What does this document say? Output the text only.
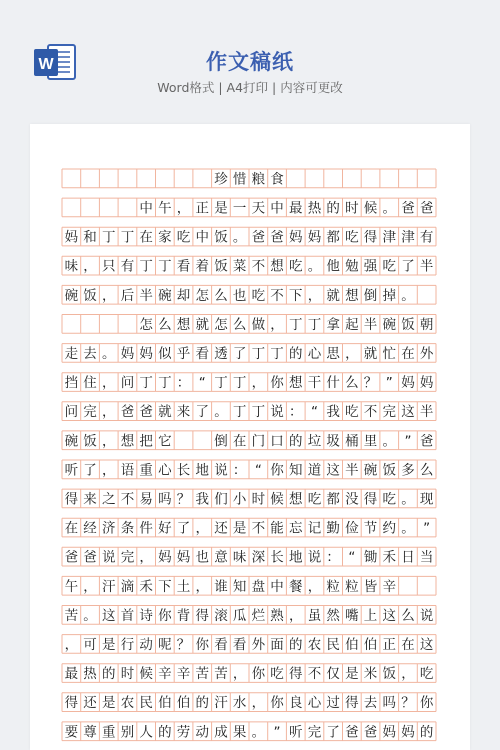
W	作文稿纸
Word格式 | A4打印 | 内容可更改
珍 惜 粮 食
中 午 ， 正 是 一 天 中 最 热 的 时 候 。 爸 爸
妈 和 丁 丁 在 家 吃 中 饭 。 爸 爸 妈 妈 都 吃 得 津 津 有
味 ， 只 有 丁 丁 看 着 饭 菜 不 想 吃 。 他 勉 强 吃 了 半
碗 饭 ， 后 半 碗 却 怎 么 也 吃 不 下 ， 就 想 倒 掉 。
怎 么 想 就 怎 么 做 ， 丁 丁 拿 起 半 碗 饭 朝
走 去 。 妈 妈 似 乎 看 透 了 丁 丁 的 心 思 ， 就 忙 在 外
挡 住 ， 问 丁 丁 ： “ 丁 丁 ， 你 想 干 什 么 ？ ” 妈 妈
问 完 ， 爸 爸 就 来 了 。 丁 丁 说 ： “ 我 吃 不 完 这 半
碗 饭 ， 想 把 它	倒 在 门 口 的 垃 圾 桶 里 。 ” 爸
听 了 ， 语 重 心 长 地 说 ： “ 你 知 道 这 半 碗 饭 多 么
得 来 之 不 易 吗 ？ 我 们 小 时 候 想 吃 都 没 得 吃 。 现
在 经 济 条 件 好 了 ， 还 是 不 能 忘 记 勤 俭 节 约 。 ”
爸 爸 说 完 ， 妈 妈 也 意 味 深 长 地 说 ： “ 锄 禾 日 当
午 ， 汗 滴 禾 下 土 ， 谁 知 盘 中 餐 ， 粒 粒 皆 辛
苦 。 这 首 诗 你 背 得 滚 瓜 烂 熟 ， 虽 然 嘴 上 这 么 说
， 可 是 行 动 呢 ？ 你 看 看 外 面 的 农 民 伯 伯 正 在 这
最 热 的 时 候 辛 辛 苦 苦 ， 你 吃 得 不 仅 是 米 饭 ， 吃
得 还 是 农 民 伯 伯 的 汗 水 ， 你 良 心 过 得 去 吗 ？ 你
要 尊 重 别 人 的 劳 动 成 果 。 ” 听 完 了 爸 爸 妈 妈 的
